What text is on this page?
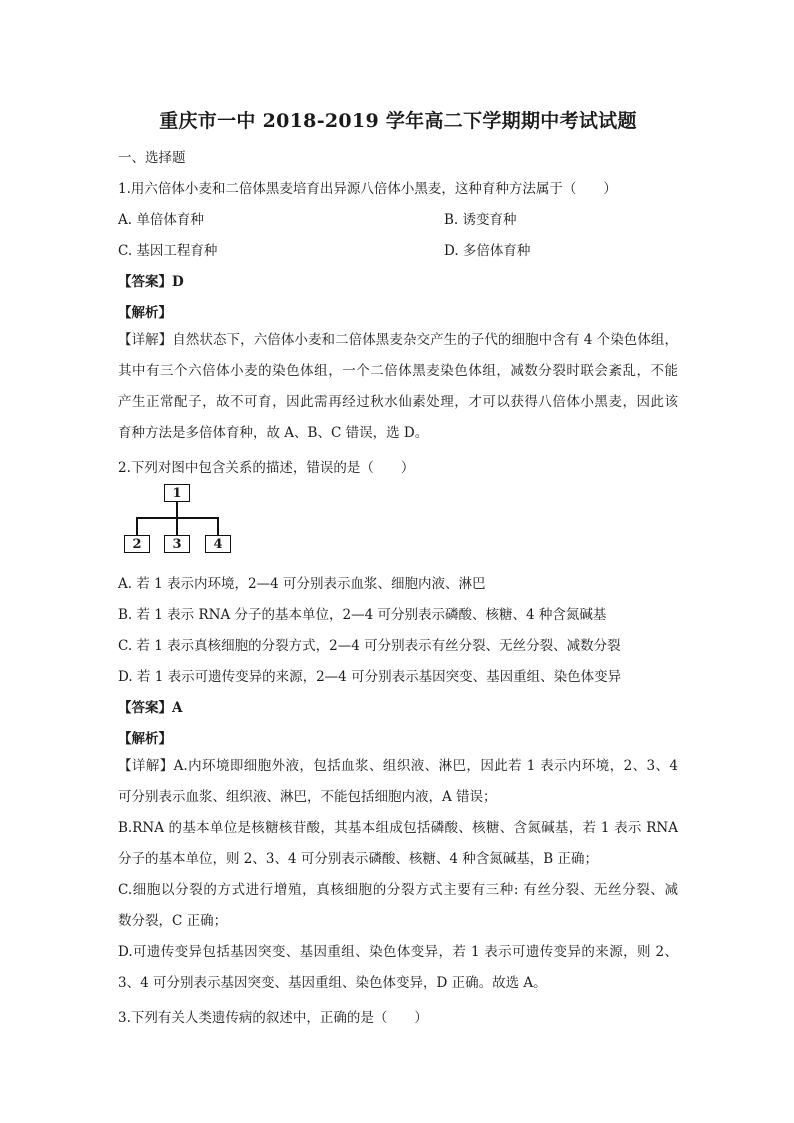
重庆市一中 2018-2019 学年高二下学期期中考试试题
一、选择题
1.用六倍体小麦和二倍体黑麦培育出异源八倍体小黑麦，这种育种方法属于（　　）
A. 单倍体育种	B. 诱变育种
C. 基因工程育种	D. 多倍体育种
【答案】D
【解析】

【详解】自然状态下，六倍体小麦和二倍体黑麦杂交产生的子代的细胞中含有 4 个染色体组，

其中有三个六倍体小麦的染色体组，一个二倍体黑麦染色体组，减数分裂时联会紊乱，不能

产生正常配子，故不可育，因此需再经过秋水仙素处理，才可以获得八倍体小黑麦，因此该

育种方法是多倍体育种，故 A、B、C 错误，选 D。

2.下列对图中包含关系的描述，错误的是（　　）
1
2	3	4
A. 若 1 表示内环境，2—4 可分别表示血浆、细胞内液、淋巴
B. 若 1 表示 RNA 分子的基本单位，2—4 可分别表示磷酸、核糖、4 种含氮碱基
C. 若 1 表示真核细胞的分裂方式，2—4 可分别表示有丝分裂、无丝分裂、减数分裂
D. 若 1 表示可遗传变异的来源，2—4 可分别表示基因突变、基因重组、染色体变异
【答案】A
【解析】

【详解】A.内环境即细胞外液，包括血浆、组织液、淋巴，因此若 1 表示内环境，2、3、4

可分别表示血浆、组织液、淋巴，不能包括细胞内液，A 错误；

B.RNA 的基本单位是核糖核苷酸，其基本组成包括磷酸、核糖、含氮碱基，若 1 表示 RNA

分子的基本单位，则 2、3、4 可分别表示磷酸、核糖、4 种含氮碱基，B 正确；

C.细胞以分裂的方式进行增殖，真核细胞的分裂方式主要有三种: 有丝分裂、无丝分裂、减

数分裂，C 正确；

D.可遗传变异包括基因突变、基因重组、染色体变异，若 1 表示可遗传变异的来源，则 2、

3、4 可分别表示基因突变、基因重组、染色体变异，D 正确。故选 A。

3.下列有关人类遗传病的叙述中，正确的是（　　）
